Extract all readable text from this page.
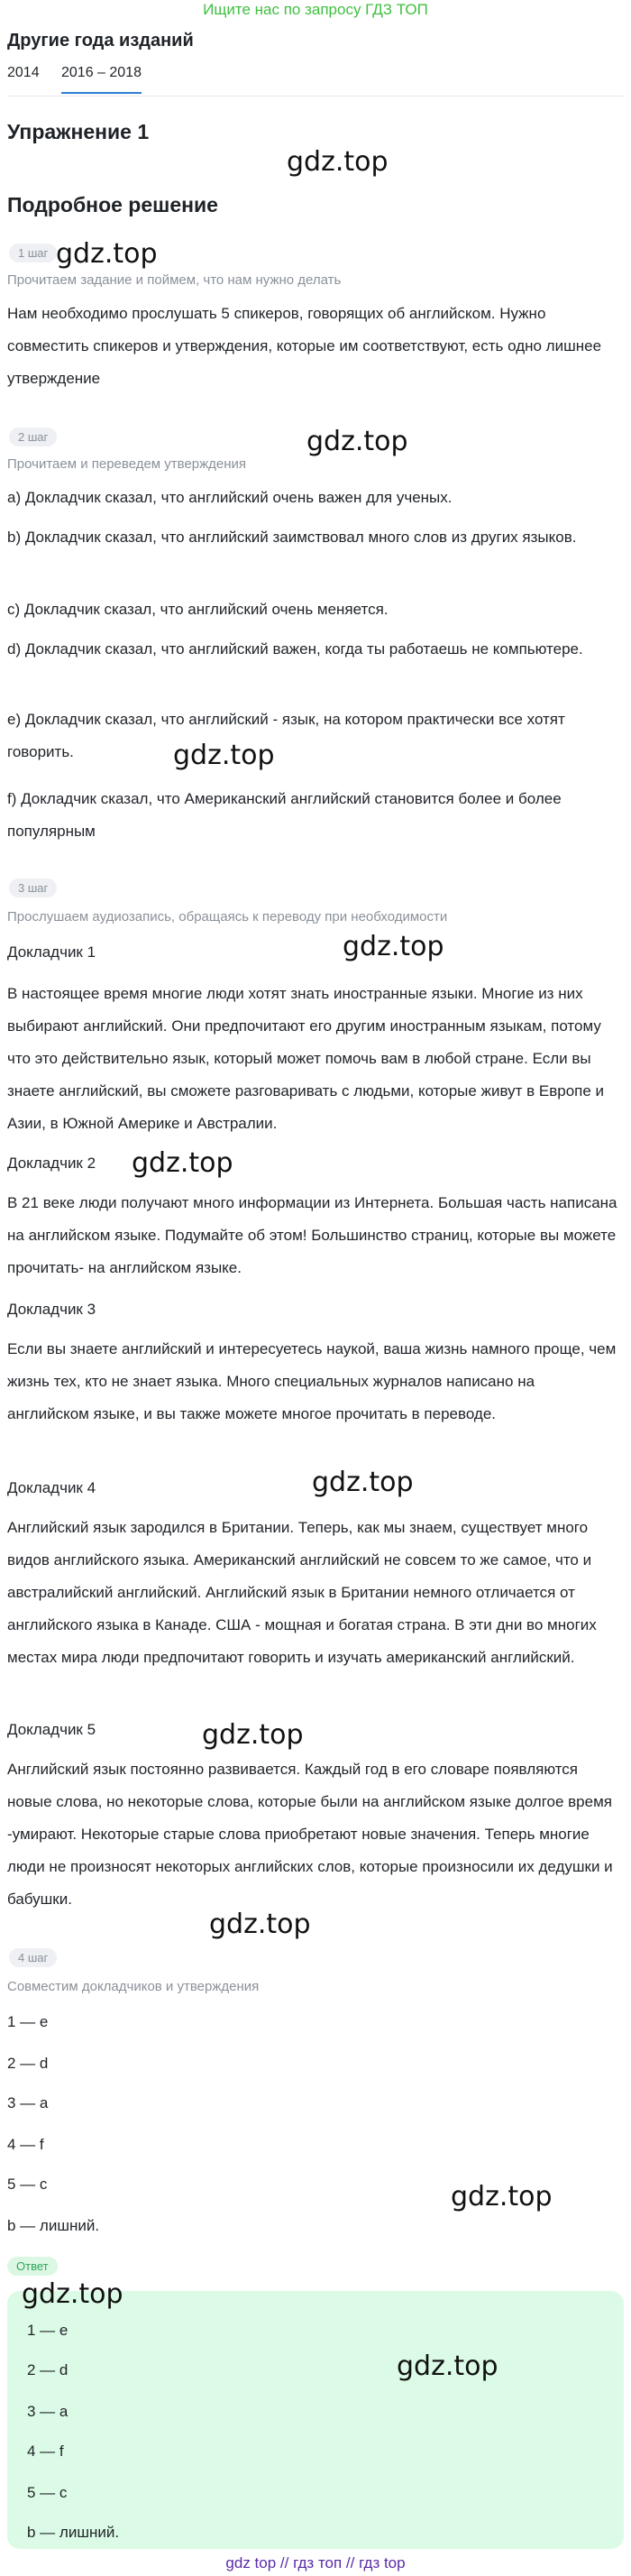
Ищите нас по запросу ГДЗ ТОП
Другие года изданий
2014 2016 – 2018
Упражнение 1
gdz.top
Подробное решение
1 шаг gdz.top
Прочитаем задание и поймем, что нам нужно делать
Нам необходимо прослушать 5 спикеров, говорящих об английском. Нужно совместить спикеров и утверждения, которые им соответствуют, есть одно лишнее утверждение
2 шаг	gdz.top
Прочитаем и переведем утверждения
a) Докладчик сказал, что английский очень важен для ученых.
b) Докладчик сказал, что английский заимствовал много слов из других языков.
c) Докладчик сказал, что английский очень меняется.
d) Докладчик сказал, что английский важен, когда ты работаешь не компьютере.
e) Докладчик сказал, что английский - язык, на котором практически все хотят говорить.	gdz.top
f) Докладчик сказал, что Американский английский становится более и более популярным
3 шаг
Прослушаем аудиозапись, обращаясь к переводу при необходимости
Докладчик 1	gdz.top
В настоящее время многие люди хотят знать иностранные языки. Многие из них выбирают английский. Они предпочитают его другим иностранным языкам, потому что это действительно язык, который может помочь вам в любой стране. Если вы знаете английский, вы сможете разговаривать с людьми, которые живут в Европе и Азии, в Южной Америке и Австралии.
Докладчик 2 gdz.top
В 21 веке люди получают много информации из Интернета. Большая часть написана на английском языке. Подумайте об этом! Большинство страниц, которые вы можете прочитать- на английском языке.
Докладчик 3
Если вы знаете английский и интересуетесь наукой, ваша жизнь намного проще, чем жизнь тех, кто не знает языка. Много специальных журналов написано на английском языке, и вы также можете многое прочитать в переводе.
Докладчик 4	gdz.top
Английский язык зародился в Британии. Теперь, как мы знаем, существует много видов английского языка. Американский английский не совсем то же самое, что и австралийский английский. Английский язык в Британии немного отличается от английского языка в Канаде. США - мощная и богатая страна. В эти дни во многих местах мира люди предпочитают говорить и изучать американский английский.
Докладчик 5	gdz.top
Английский язык постоянно развивается. Каждый год в его словаре появляются новые слова, но некоторые слова, которые были на английском языке долгое время -умирают. Некоторые старые слова приобретают новые значения. Теперь многие люди не произносят некоторых английских слов, которые произносили их дедушки и бабушки.
gdz.top
4 шаг
Совместим докладчиков и утверждения
1 — e
2 — d
3 — a
4 — f
5 — c	gdz.top
b — лишний.
Ответ
gdz.top
gdz.top
1 — e
2 — d
3 — a
4 — f
5 — c
b — лишний.
gdz top // гдз топ // гдз top
